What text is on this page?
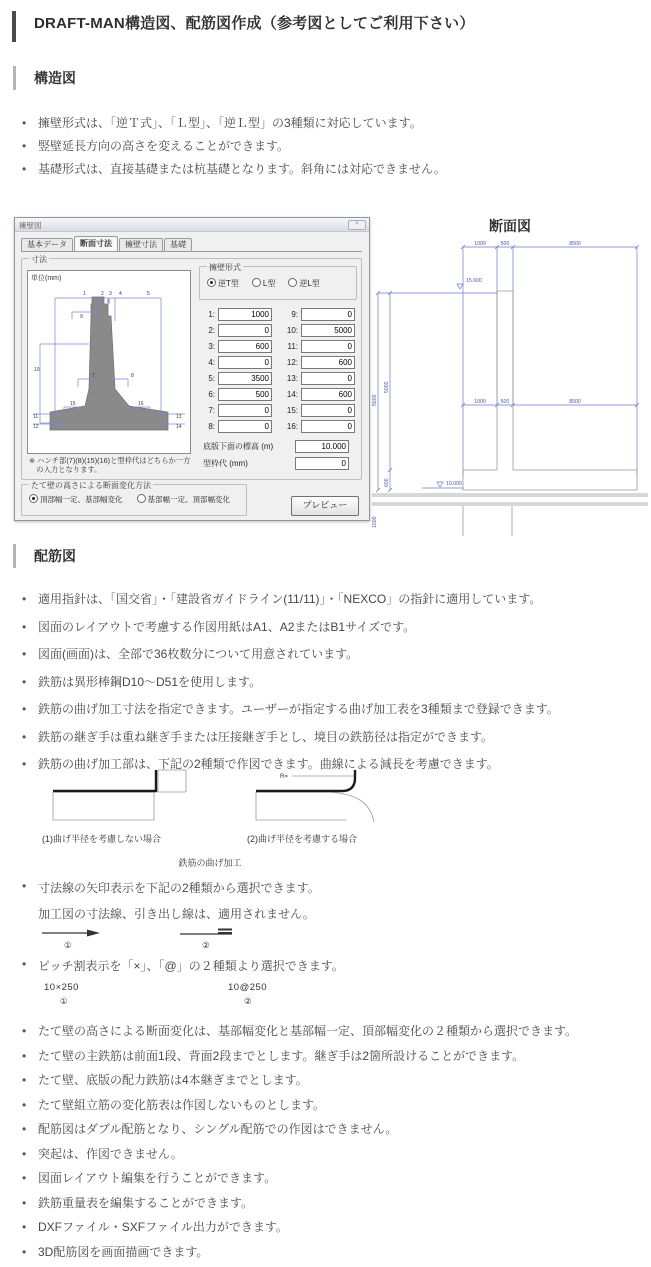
DRAFT-MAN構造図、配筋図作成（参考図としてご利用下さい）
構造図
• 擁壁形式は、「逆Ｔ式」、「Ｌ型」、「逆Ｌ型」の3種類に対応しています。
• 竪壁延長方向の高さを変えることができます。
• 基礎形式は、直接基礎または杭基礎となります。斜角には対応できません。
擁壁図	×
基本データ	断面寸法	擁壁寸法	基礎
寸法
単位(mm)
1	2 3 4	5
6
9
10
7	8
15	16
11
12
13
14
※ ハンチ部(7)(8)(15)(16)と型枠代はどちらか一方
　の入力となります。
擁壁形式
逆T型	L型	逆L型
1:
1000	9:
0
2:
0	10:
5000
3:
600	11:
0
4:
0	12:
600
5:
3500	13:
0
6:
500	14:
600
7:
0	15:
0
8:
0	16:
0
底版下面の標高 (m)
10.000
型枠代 (mm)
0
たて壁の高さによる断面変化方法
頂部幅一定、基部幅変化	基部幅一定、頂部幅変化
プレビュー
断面図
1000	500	8500
1000	500	8500
15.600
10.000
5600
5000
600
1000
配筋図
• 適用指針は、「国交省」・「建設省ガイドライン(11/11)」・「NEXCO」の指針に適用しています。
• 図面のレイアウトで考慮する作図用紙はA1、A2またはB1サイズです。
• 図面(画面)は、全部で36枚数分について用意されています。
• 鉄筋は異形棒鋼D10～D51を使用します。
• 鉄筋の曲げ加工寸法を指定できます。ユーザーが指定する曲げ加工表を3種類まで登録できます。
• 鉄筋の継ぎ手は重ね継ぎ手または圧接継ぎ手とし、境目の鉄筋径は指定ができます。
• 鉄筋の曲げ加工部は、下記の2種類で作図できます。曲線による減長を考慮できます。
R=
(1)曲げ半径を考慮しない場合	(2)曲げ半径を考慮する場合
鉄筋の曲げ加工
• 寸法線の矢印表示を下記の2種類から選択できます。
加工図の寸法線、引き出し線は、適用されません。
①	②
• ピッチ割表示を「×」、「@」の２種類より選択できます。
10×250
①
10@250
②
• たて壁の高さによる断面変化は、基部幅変化と基部幅一定、頂部幅変化の２種類から選択できます。
• たて壁の主鉄筋は前面1段、背面2段までとします。継ぎ手は2箇所設けることができます。
• たて壁、底版の配力鉄筋は4本継ぎまでとします。
• たて壁組立筋の変化筋表は作図しないものとします。
• 配筋図はダブル配筋となり、シングル配筋での作図はできません。
• 突起は、作図できません。
• 図面レイアウト編集を行うことができます。
• 鉄筋重量表を編集することができます。
• DXFファイル・SXFファイル出力ができます。
• 3D配筋図を画面描画できます。
